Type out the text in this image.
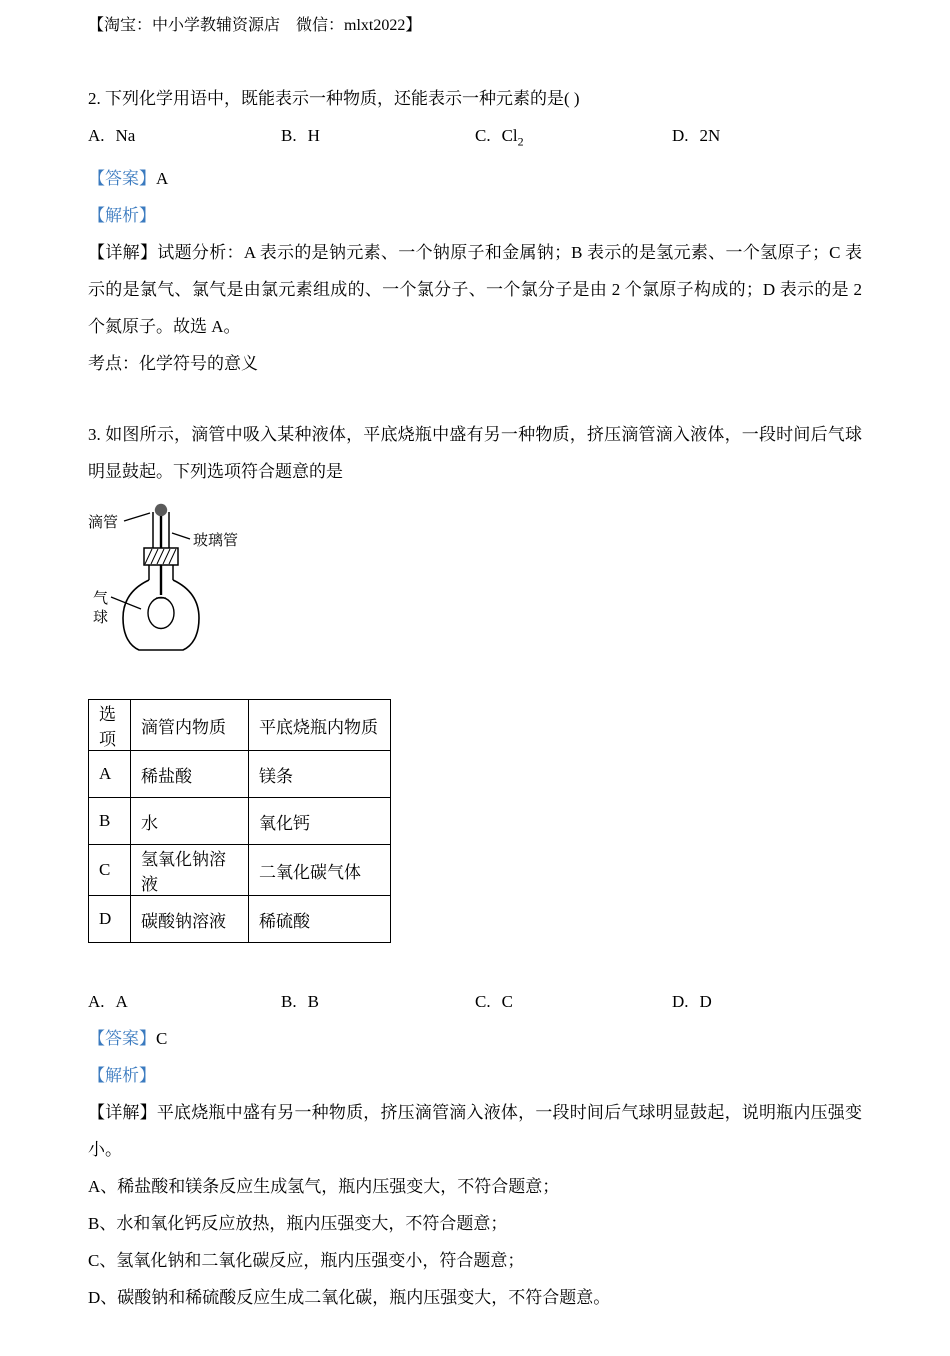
【淘宝：中小学教辅资源店　微信：mlxt2022】
2. 下列化学用语中，既能表示一种物质，还能表示一种元素的是( )
A. Na	B. H	C. $Cl_2$	D. 2N
【答案】A
【解析】
【详解】试题分析：A 表示的是钠元素、一个钠原子和金属钠；B 表示的是氢元素、一个氢原子；C 表示的是氯气、氯气是由氯元素组成的、一个氯分子、一个氯分子是由 2 个氯原子构成的；D 表示的是 2 个氮原子。故选 A。
考点：化学符号的意义
3. 如图所示，滴管中吸入某种液体，平底烧瓶中盛有另一种物质，挤压滴管滴入液体，一段时间后气球明显鼓起。下列选项符合题意的是
滴管
玻璃管
气
球
选项	滴管内物质	平底烧瓶内物质
A	稀盐酸	镁条
B	水	氧化钙
C	氢氧化钠溶液	二氧化碳气体
D	碳酸钠溶液	稀硫酸
A. A	B. B	C. C	D. D
【答案】C
【解析】
【详解】平底烧瓶中盛有另一种物质，挤压滴管滴入液体，一段时间后气球明显鼓起，说明瓶内压强变小。
A、稀盐酸和镁条反应生成氢气，瓶内压强变大，不符合题意；
B、水和氧化钙反应放热，瓶内压强变大，不符合题意；
C、氢氧化钠和二氧化碳反应，瓶内压强变小，符合题意；
D、碳酸钠和稀硫酸反应生成二氧化碳，瓶内压强变大，不符合题意。
